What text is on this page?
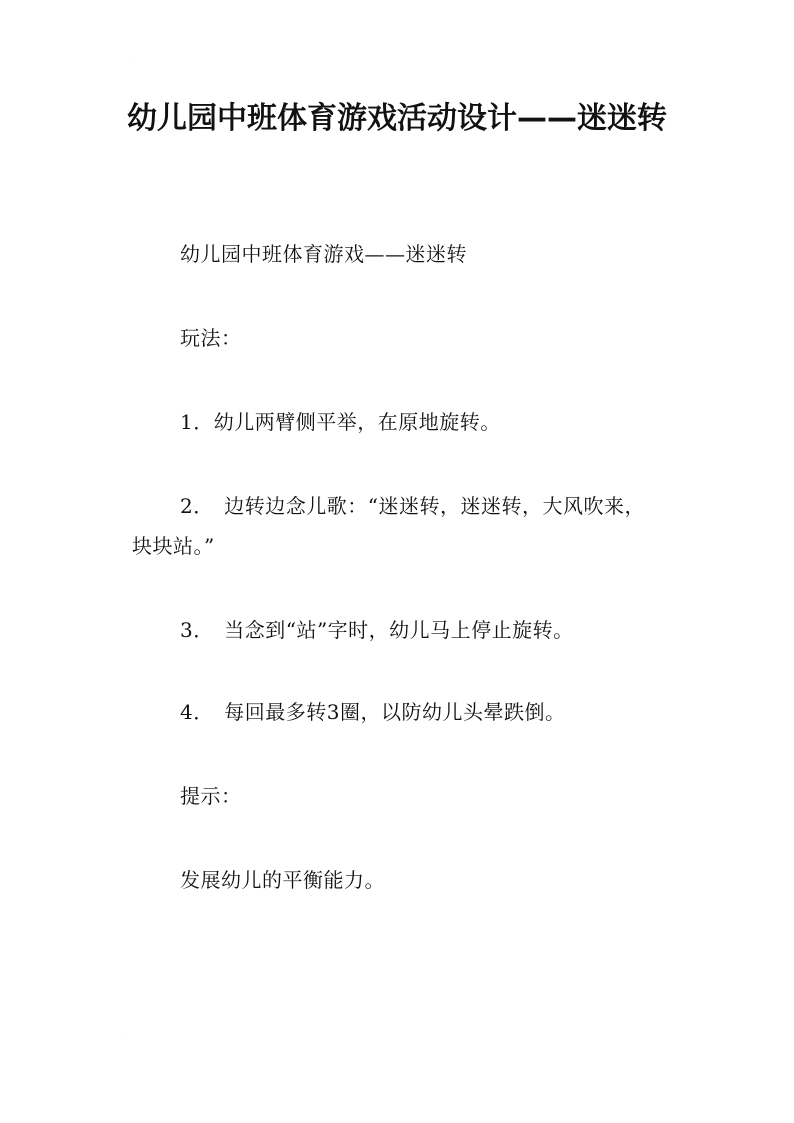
·
幼儿园中班体育游戏活动设计——迷迷转

幼儿园中班体育游戏——迷迷转

玩法：

1．幼儿两臂侧平举，在原地旋转。

2．　边转边念儿歌：“迷迷转，迷迷转，大风吹来，块块站。”

3．　当念到“站”字时，幼儿马上停止旋转。

4．　每回最多转3圈，以防幼儿头晕跌倒。

提示：

发展幼儿的平衡能力。

·
